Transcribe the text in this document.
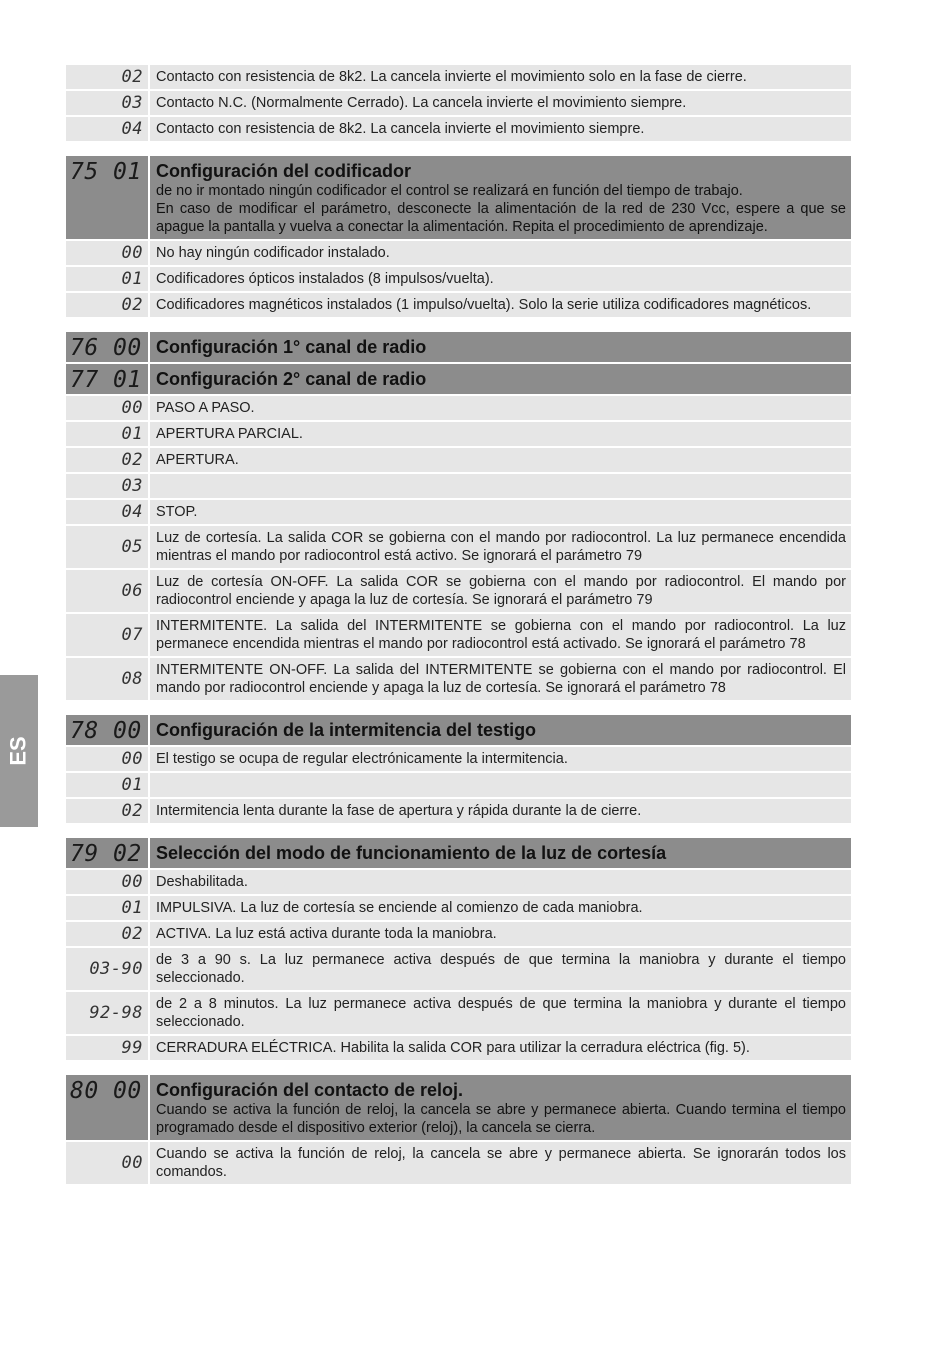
ES
02 Contacto con resistencia de 8k2. La cancela invierte el movimiento solo en la fase de cierre.
03 Contacto N.C. (Normalmente Cerrado). La cancela invierte el movimiento siempre.
04 Contacto con resistencia de 8k2. La cancela invierte el movimiento siempre.
75 01 Configuración del codificador
de no ir montado ningún codificador el control se realizará en función del tiempo de trabajo.
En caso de modificar el parámetro, desconecte la alimentación de la red de 230 Vcc, espere a que se apague la pantalla y vuelva a conectar la alimentación. Repita el procedimiento de aprendizaje.
00 No hay ningún codificador instalado.
01 Codificadores ópticos instalados (8 impulsos/vuelta).
02 Codificadores magnéticos instalados (1 impulso/vuelta). Solo la serie utiliza codificadores magnéticos.
76 00 Configuración 1° canal de radio
77 01 Configuración 2° canal de radio
00 PASO A PASO.
01 APERTURA PARCIAL.
02 APERTURA.
03
04 STOP.
05 Luz de cortesía. La salida COR se gobierna con el mando por radiocontrol. La luz permanece encendida mientras el mando por radiocontrol está activo. Se ignorará el parámetro 79
06 Luz de cortesía ON-OFF. La salida COR se gobierna con el mando por radiocontrol. El mando por radiocontrol enciende y apaga la luz de cortesía. Se ignorará el parámetro 79
07 INTERMITENTE. La salida del INTERMITENTE se gobierna con el mando por radiocontrol. La luz permanece encendida mientras el mando por radiocontrol está activado. Se ignorará el parámetro 78
08 INTERMITENTE ON-OFF. La salida del INTERMITENTE se gobierna con el mando por radiocontrol. El mando por radiocontrol enciende y apaga la luz de cortesía. Se ignorará el parámetro 78
78 00 Configuración de la intermitencia del testigo
00 El testigo se ocupa de regular electrónicamente la intermitencia.
01
02 Intermitencia lenta durante la fase de apertura y rápida durante la de cierre.
79 02 Selección del modo de funcionamiento de la luz de cortesía
00 Deshabilitada.
01 IMPULSIVA. La luz de cortesía se enciende al comienzo de cada maniobra.
02 ACTIVA. La luz está activa durante toda la maniobra.
03-90 de 3 a 90 s. La luz permanece activa después de que termina la maniobra y durante el tiempo seleccionado.
92-98 de 2 a 8 minutos. La luz permanece activa después de que termina la maniobra y durante el tiempo seleccionado.
99 CERRADURA ELÉCTRICA. Habilita la salida COR para utilizar la cerradura eléctrica (fig. 5).
80 00 Configuración del contacto de reloj.
Cuando se activa la función de reloj, la cancela se abre y permanece abierta. Cuando termina el tiempo programado desde el dispositivo exterior (reloj), la cancela se cierra.
00 Cuando se activa la función de reloj, la cancela se abre y permanece abierta. Se ignorarán todos los comandos.
